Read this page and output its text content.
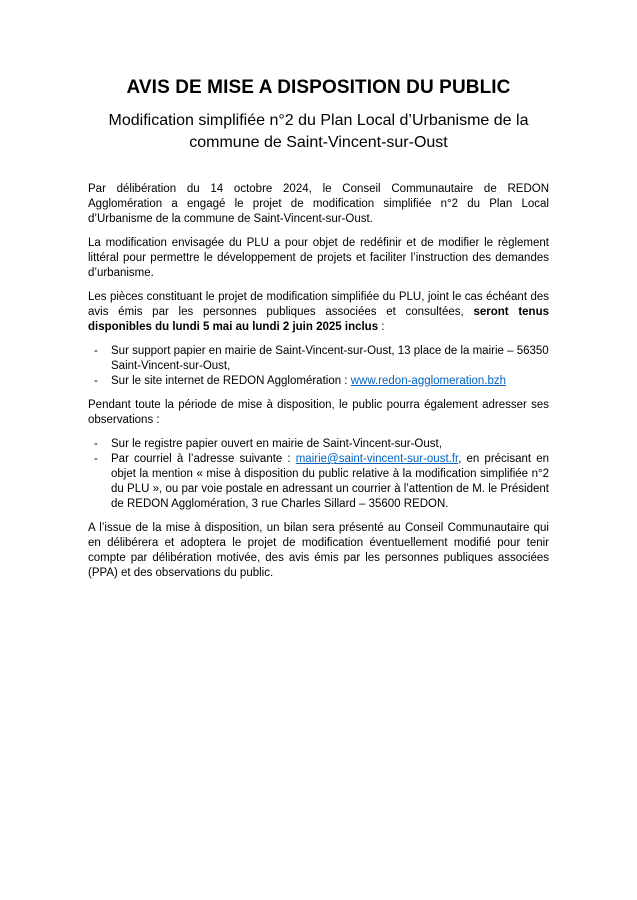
AVIS DE MISE A DISPOSITION DU PUBLIC
Modification simplifiée n°2 du Plan Local d’Urbanisme de la
commune de Saint-Vincent-sur-Oust

Par délibération du 14 octobre 2024, le Conseil Communautaire de REDON Agglomération a engagé le projet de modification simplifiée n°2 du Plan Local d’Urbanisme de la commune de Saint-Vincent-sur-Oust.

La modification envisagée du PLU a pour objet de redéfinir et de modifier le règlement littéral pour permettre le développement de projets et faciliter l’instruction des demandes d’urbanisme.

Les pièces constituant le projet de modification simplifiée du PLU, joint le cas échéant des avis émis par les personnes publiques associées et consultées, seront tenus disponibles du lundi 5 mai au lundi 2 juin 2025 inclus :

- Sur support papier en mairie de Saint-Vincent-sur-Oust, 13 place de la mairie – 56350
Saint-Vincent-sur-Oust,
- Sur le site internet de REDON Agglomération : www.redon-agglomeration.bzh

Pendant toute la période de mise à disposition, le public pourra également adresser ses observations :

- Sur le registre papier ouvert en mairie de Saint-Vincent-sur-Oust,
- Par courriel à l’adresse suivante : mairie@saint-vincent-sur-oust.fr, en précisant en objet la mention « mise à disposition du public relative à la modification simplifiée n°2 du PLU », ou par voie postale en adressant un courrier à l’attention de M. le Président de REDON Agglomération, 3 rue Charles Sillard – 35600 REDON.

A l’issue de la mise à disposition, un bilan sera présenté au Conseil Communautaire qui en délibérera et adoptera le projet de modification éventuellement modifié pour tenir compte par délibération motivée, des avis émis par les personnes publiques associées (PPA) et des observations du public.
